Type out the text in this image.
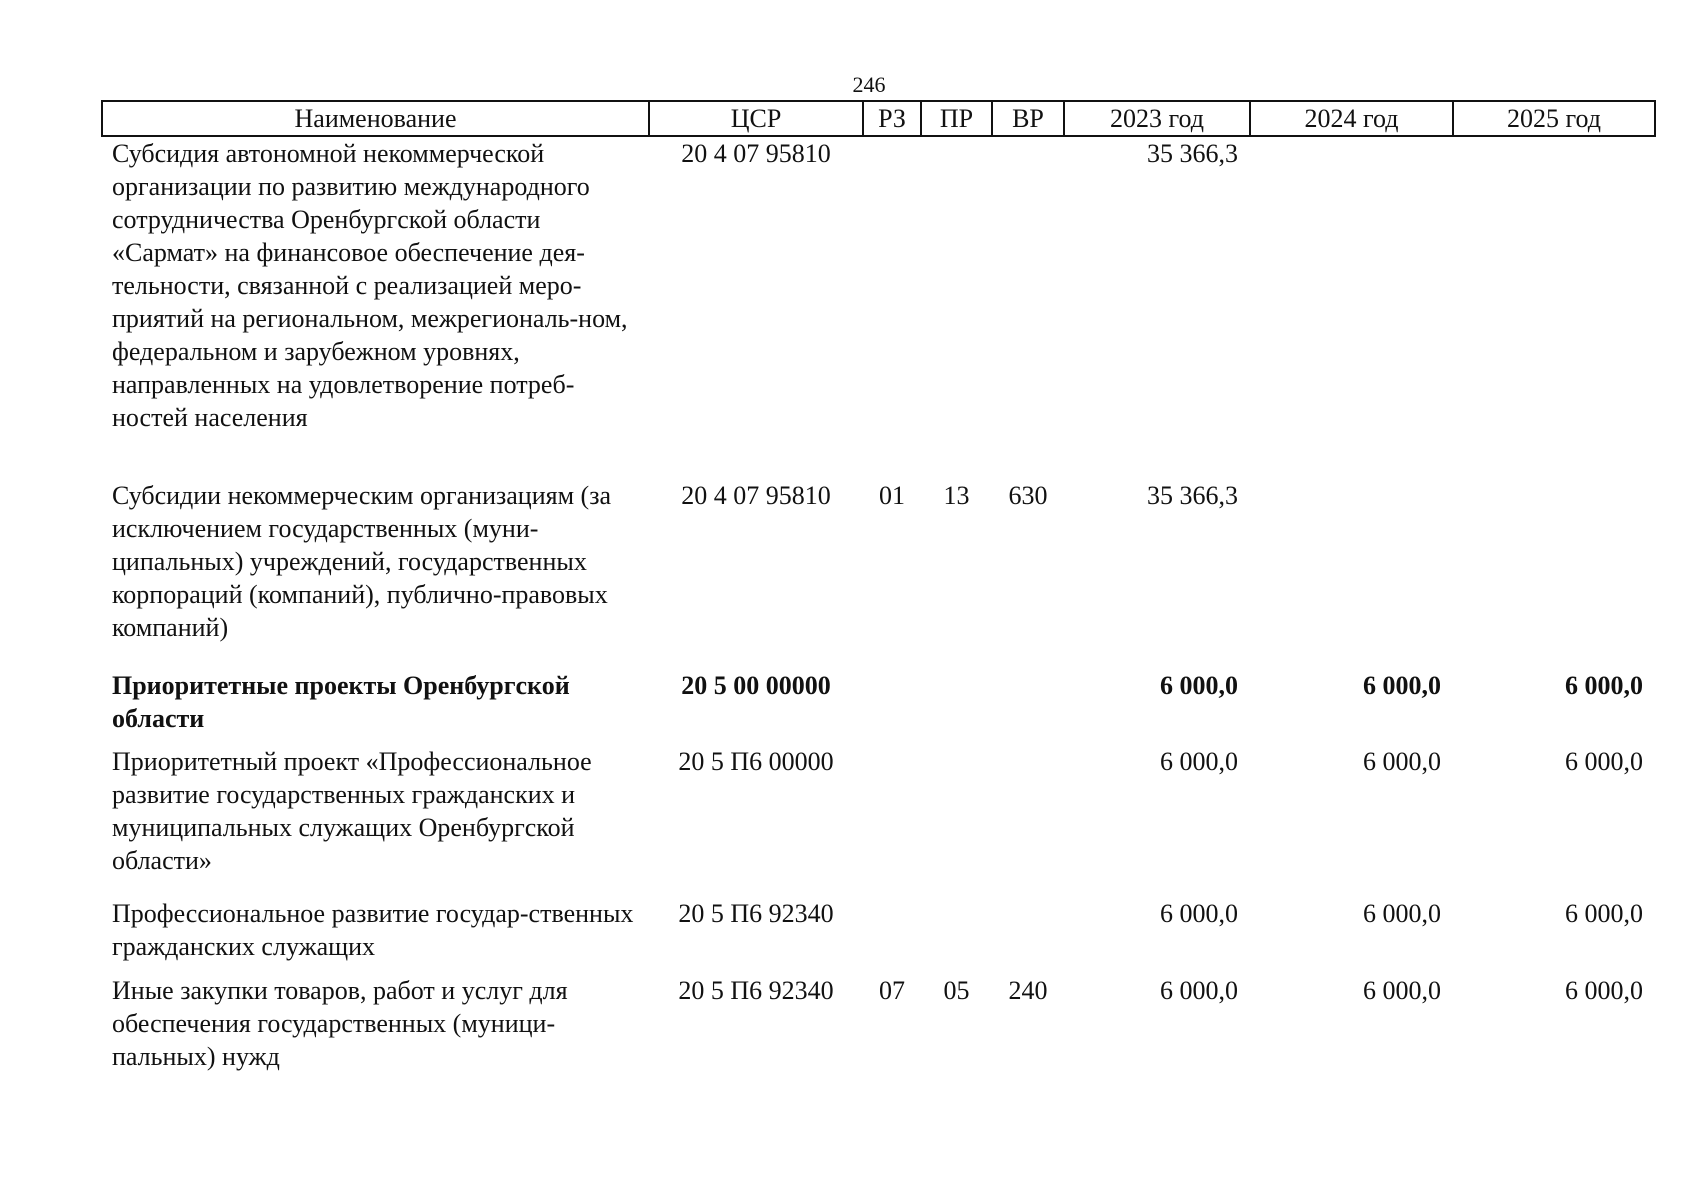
246
Наименование	ЦСР	РЗ	ПР	ВР	2023 год	2024 год	2025 год
Субсидия автономной некоммерческой организации по развитию международного сотрудничества Оренбургской области «Сармат» на финансовое обеспечение дея-тельности, связанной с реализацией меро-приятий на региональном, межрегиональ-ном, федеральном и зарубежном уровнях, направленных на удовлетворение потреб-ностей населения	20 4 07 95810				35 366,3		
Субсидии некоммерческим организациям (за исключением государственных (муни-ципальных) учреждений, государственных корпораций (компаний), публично-правовых компаний)	20 4 07 95810	01	13	630	35 366,3		
Приоритетные проекты Оренбургской области	20 5 00 00000				6 000,0	6 000,0	6 000,0
Приоритетный проект «Профессиональное развитие государственных гражданских и муниципальных служащих Оренбургской области»	20 5 П6 00000				6 000,0	6 000,0	6 000,0
Профессиональное развитие государ-ственных гражданских служащих	20 5 П6 92340				6 000,0	6 000,0	6 000,0
Иные закупки товаров, работ и услуг для обеспечения государственных (муници-пальных) нужд	20 5 П6 92340	07	05	240	6 000,0	6 000,0	6 000,0
